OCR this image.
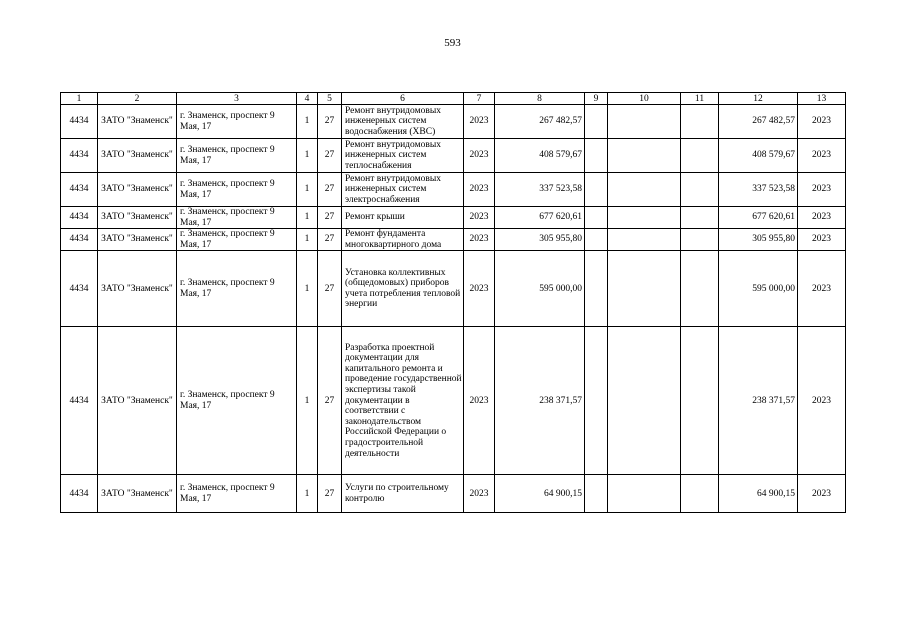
593
1	2	3	4	5	6	7	8	9	10	11	12	13
4434	ЗАТО "Знаменск"	г. Знаменск, проспект 9 Мая, 17	1	27	Ремонт внутридомовых инженерных систем водоснабжения (ХВС)	2023	267 482,57				267 482,57	2023
4434	ЗАТО "Знаменск"	г. Знаменск, проспект 9 Мая, 17	1	27	Ремонт внутридомовых инженерных систем теплоснабжения	2023	408 579,67				408 579,67	2023
4434	ЗАТО "Знаменск"	г. Знаменск, проспект 9 Мая, 17	1	27	Ремонт внутридомовых инженерных систем электроснабжения	2023	337 523,58				337 523,58	2023
4434	ЗАТО "Знаменск"	г. Знаменск, проспект 9 Мая, 17	1	27	Ремонт крыши	2023	677 620,61				677 620,61	2023
4434	ЗАТО "Знаменск"	г. Знаменск, проспект 9 Мая, 17	1	27	Ремонт фундамента многоквартирного дома	2023	305 955,80				305 955,80	2023
4434	ЗАТО "Знаменск"	г. Знаменск, проспект 9 Мая, 17	1	27	Установка коллективных (общедомовых) приборов учета потребления тепловой энергии	2023	595 000,00				595 000,00	2023
4434	ЗАТО "Знаменск"	г. Знаменск, проспект 9 Мая, 17	1	27	Разработка проектной документации для капитального ремонта и проведение государственной экспертизы такой документации в соответствии с законодательством Российской Федерации о градостроительной деятельности	2023	238 371,57				238 371,57	2023
4434	ЗАТО "Знаменск"	г. Знаменск, проспект 9 Мая, 17	1	27	Услуги по строительному контролю	2023	64 900,15				64 900,15	2023
